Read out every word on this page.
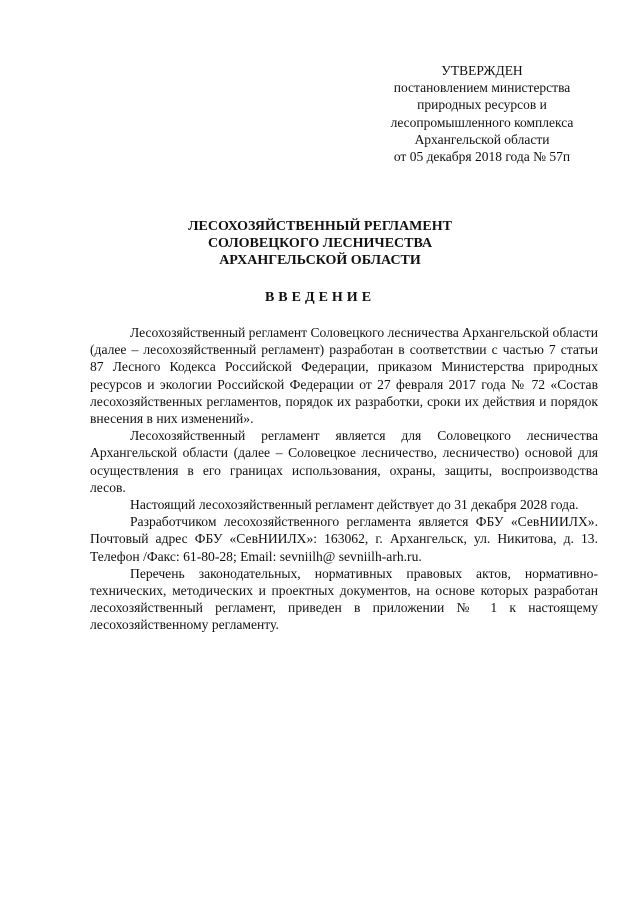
УТВЕРЖДЕН
постановлением министерства
природных ресурсов и
лесопромышленного комплекса
Архангельской области
от 05 декабря 2018 года № 57п
ЛЕСОХОЗЯЙСТВЕННЫЙ РЕГЛАМЕНТ
СОЛОВЕЦКОГО ЛЕСНИЧЕСТВА
АРХАНГЕЛЬСКОЙ ОБЛАСТИ
ВВЕДЕНИЕ

Лесохозяйственный регламент Соловецкого лесничества Архангельской области (далее – лесохозяйственный регламент) разработан в соответствии с частью 7 статьи 87 Лесного Кодекса Российской Федерации, приказом Министерства природных ресурсов и экологии Российской Федерации от 27 февраля 2017 года № 72 «Состав лесохозяйственных регламентов, порядок их разработки, сроки их действия и порядок внесения в них изменений».

Лесохозяйственный регламент является для Соловецкого лесничества Архангельской области (далее – Соловецкое лесничество, лесничество) основой для осуществления в его границах использования, охраны, защиты, воспроизводства лесов.

Настоящий лесохозяйственный регламент действует до 31 декабря 2028 года.

Разработчиком лесохозяйственного регламента является ФБУ «СевНИИЛХ». Почтовый адрес ФБУ «СевНИИЛХ»: 163062, г. Архангельск, ул. Никитова, д. 13. Телефон /Факс: 61-80-28; Email: sevniilh@ sevniilh-arh.ru.

Перечень законодательных, нормативных правовых актов, нормативно-технических, методических и проектных документов, на основе которых разработан лесохозяйственный регламент, приведен в приложении № 1 к настоящему лесохозяйственному регламенту.
